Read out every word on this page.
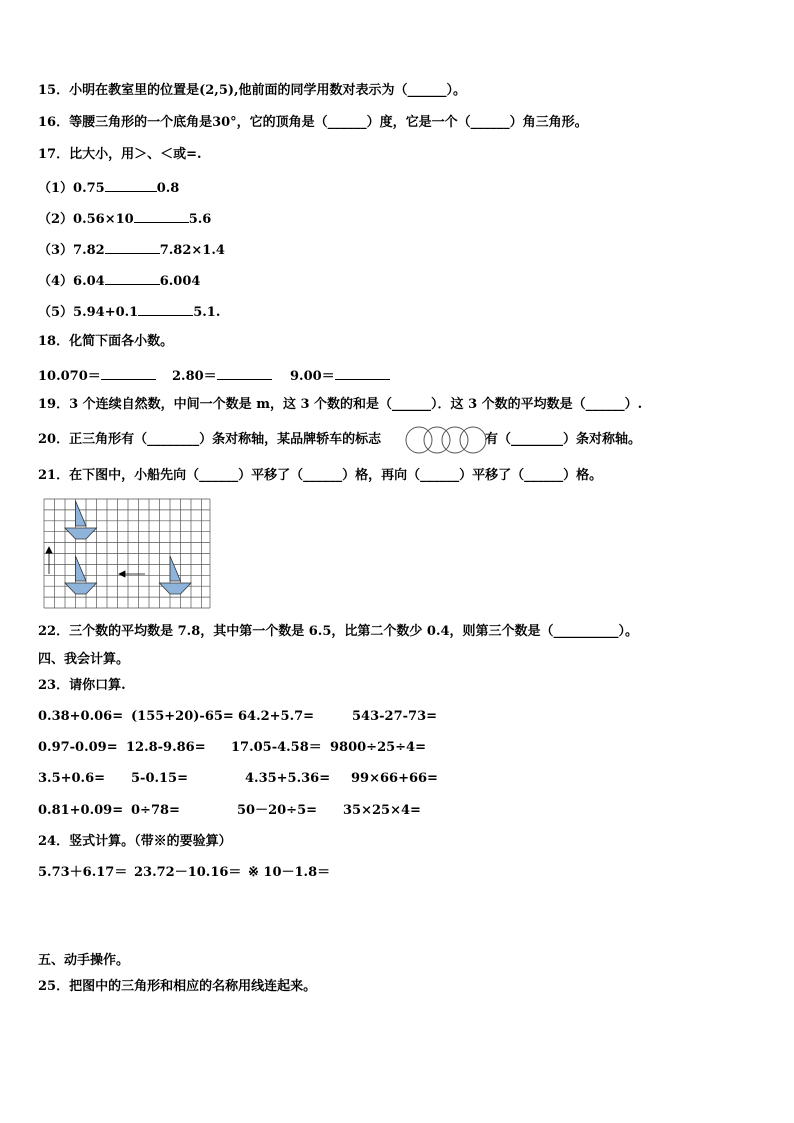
15．小明在教室里的位置是(2,5),他前面的同学用数对表示为（______）。
16．等腰三角形的一个底角是30°，它的顶角是（______）度，它是一个（______）角三角形。
17．比大小，用＞、＜或=.
（1）0.75	0.8
（2）0.56×10	5.6
（3）7.82	7.82×1.4
（4）6.04	6.004
（5）5.94+0.1	5.1.
18．化简下面各小数。
10.070＝	2.80＝	9.00＝
19．3 个连续自然数，中间一个数是 m，这 3 个数的和是（______）．这 3 个数的平均数是（______）.
20．正三角形有（________）条对称轴，某品牌轿车的标志	有（________）条对称轴。
21．在下图中，小船先向（______）平移了（______）格，再向（______）平移了（______）格。
22．三个数的平均数是 7.8，其中第一个数是 6.5，比第二个数少 0.4，则第三个数是（__________）。
四、我会计算。
23．请你口算.
0.38+0.06= (155+20)-65= 64.2+5.7=	543-27-73=
0.97-0.09= 12.8-9.86= 17.05-4.58＝ 9800÷25÷4=
3.5+0.6= 5-0.15=	4.35+5.36= 99×66+66=
0.81+0.09= 0÷78=	50－20÷5= 35×25×4=
24．竖式计算。（带※的要验算）
5.73＋6.17＝ 23.72－10.16＝ ※ 10－1.8＝
五、动手操作。
25．把图中的三角形和相应的名称用线连起来。
